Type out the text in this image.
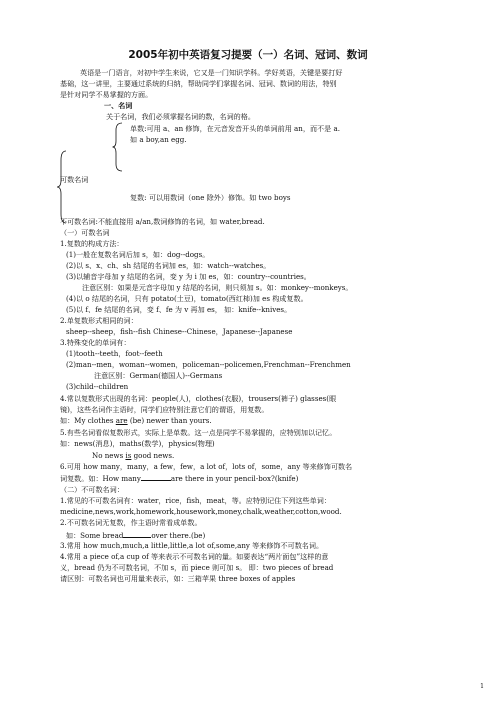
2005年初中英语复习提要（一）名词、冠词、数词
英语是一门语言，对初中学生来说，它又是一门知识学科。学好英语，关键是要打好
基础，这一讲里，主要通过系统的归纳，帮助同学们掌握名词、冠词、数词的用法，特别
是针对同学不易掌握的方面。
一、名词
关于名词，我们必须掌握名词的数，名词的格。
单数:可用 a、an 修饰，在元音发音开头的单词前用 an，而不是 a.
如 a boy,an egg.
可数名词
复数: 可以用数词（one 除外）修饰。如 two boys
不可数名词:不能直接用 a/an,数词修饰的名词，如 water,bread.
（一）可数名词
1.复数的构成方法：
(1)一般在复数名词后加 s，如：dog--dogs。
(2)以 s、x、ch、sh 结尾的名词加 es，如：watch--watches。
(3)以辅音字母加 y 结尾的名词，变 y 为 i 加 es，如：country--countries。
注意区别：如果是元音字母加 y 结尾的名词，则只须加 s。如：monkey--monkeys。
(4)以 o 结尾的名词，只有 potato(土豆)，tomato(西红柿)加 es 构成复数。
(5)以 f、fe 结尾的名词，变 f、fe 为 v 再加 es， 如：knife--knives。
2.单复数形式相同的词：
sheep--sheep，fish--fish Chinese--Chinese，Japanese--Japanese
3.特殊变化的单词有：
(1)tooth--teeth，foot--feeth
(2)man--men，woman--women，policeman--policemen,Frenchman--Frenchmen
注意区别：German(德国人)--Germans
(3)child--children
4.常以复数形式出现的名词：people(人)，clothes(衣服)，trousers(裤子) glasses(眼
镜)，这些名词作主语时，同学们应特别注意它们的谓语，用复数。
如：My clothes are (be) newer than yours.
5.有些名词看似复数形式，实际上是单数。这一点是同学不易掌握的，应特别加以记忆。
如：news(消息)，maths(数学)，physics(物理)
No news is good news.
6.可用 how many，many，a few，few，a lot of，lots of，some，any 等来修饰可数名
词复数。如：How many	are there in your pencil-box?(knife)
（二）不可数名词：
1.常见的不可数名词有：water，rice，fish，meat，等。应特别记住下列这些单词：
medicine,news,work,homework,housework,money,chalk,weather,cotton,wood.
2.不可数名词无复数，作主语时常看成单数。
如：Some bread	over there.(be)
3.常用 how much,much,a little,little,a lot of,some,any 等来修饰不可数名词。
4.常用 a piece of,a cup of 等来表示不可数名词的量。如要表达“两片面包”这样的意
义，bread 仍为不可数名词，不加 s，而 piece 则可加 s。 即：two pieces of bread
请区别：可数名词也可用量来表示，如：三箱苹果 three boxes of apples
1
